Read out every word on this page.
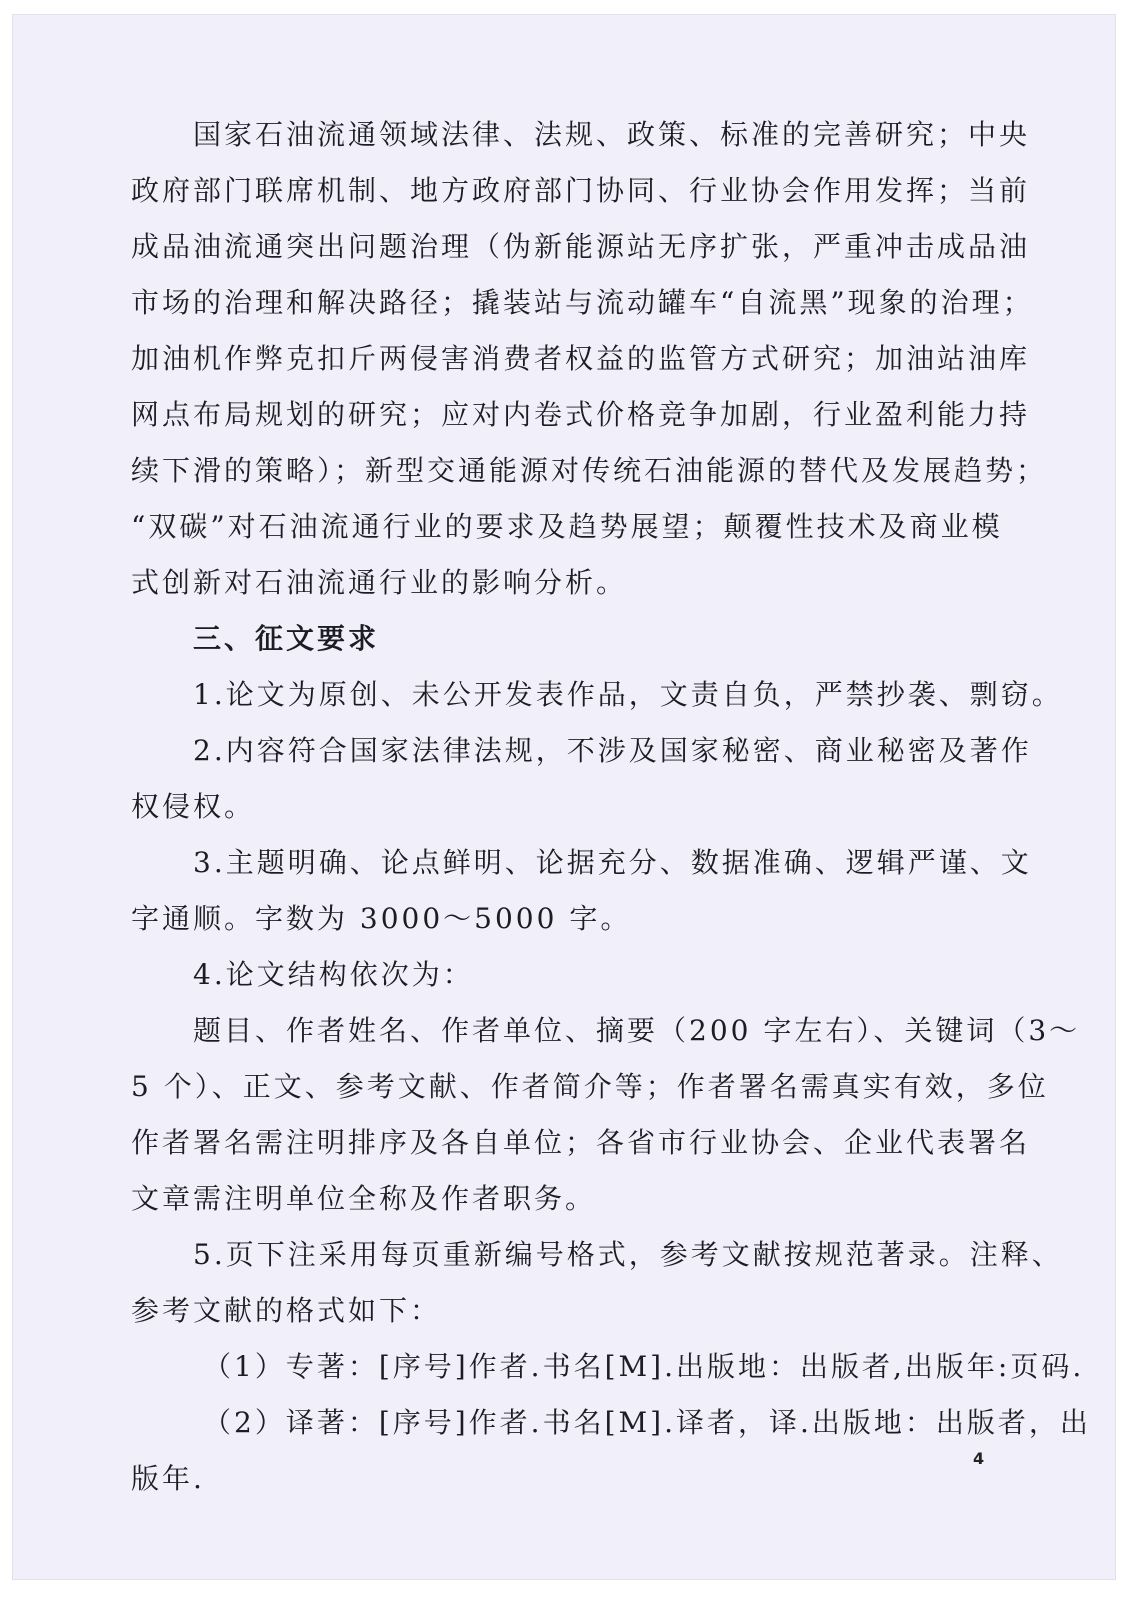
国家石油流通领域法律、法规、政策、标准的完善研究；中央
政府部门联席机制、地方政府部门协同、行业协会作用发挥；当前
成品油流通突出问题治理（伪新能源站无序扩张，严重冲击成品油
市场的治理和解决路径；撬装站与流动罐车“自流黑”现象的治理；
加油机作弊克扣斤两侵害消费者权益的监管方式研究；加油站油库
网点布局规划的研究；应对内卷式价格竞争加剧，行业盈利能力持
续下滑的策略）；新型交通能源对传统石油能源的替代及发展趋势；
“双碳”对石油流通行业的要求及趋势展望；颠覆性技术及商业模
式创新对石油流通行业的影响分析。

三、征文要求

1.论文为原创、未公开发表作品，文责自负，严禁抄袭、剽窃。

2.内容符合国家法律法规，不涉及国家秘密、商业秘密及著作
权侵权。

3.主题明确、论点鲜明、论据充分、数据准确、逻辑严谨、文
字通顺。字数为 3000～5000 字。

4.论文结构依次为：

题目、作者姓名、作者单位、摘要（200 字左右）、关键词（3～
5 个）、正文、参考文献、作者简介等；作者署名需真实有效，多位
作者署名需注明排序及各自单位；各省市行业协会、企业代表署名
文章需注明单位全称及作者职务。

5.页下注采用每页重新编号格式，参考文献按规范著录。注释、
参考文献的格式如下：

（1）专著：[序号]作者.书名[M].出版地：出版者,出版年:页码.

（2）译著：[序号]作者.书名[M].译者，译.出版地：出版者，出
版年.

4
